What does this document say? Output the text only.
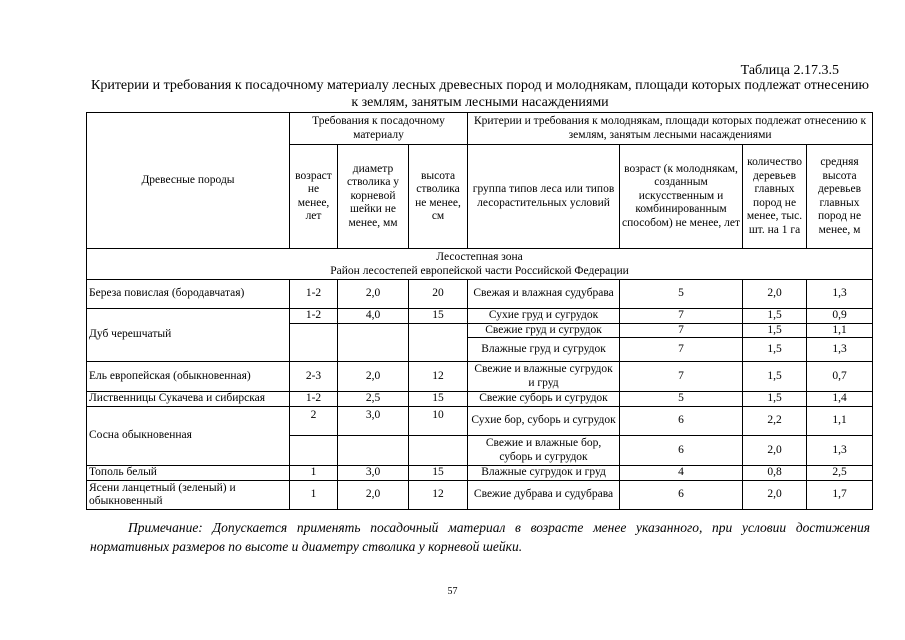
Таблица 2.17.3.5
Критерии и требования к посадочному материалу лесных древесных пород и молоднякам, площади которых подлежат отнесению к землям, занятым лесными насаждениями
Древесные породы	Требования к посадочному материалу			Критерии и требования к молоднякам, площади которых подлежат отнесению к землям, занятым лесными насаждениями			
	возраст не менее, лет	диаметр стволика у корневой шейки не менее, мм	высота стволика не менее, см	группа типов леса или типов лесорастительных условий	возраст (к молоднякам, созданным искусственным и комбинированным способом) не менее, лет	количество деревьев главных пород не менее, тыс. шт. на 1 га	средняя высота деревьев главных пород не менее, м

Лесостепная зона
Район лесостепей европейской части Российской Федерации							

Береза повислая (бородавчатая)	1-2	2,0	20	Свежая и влажная судубрава	5	2,0	1,3
Дуб черешчатый	1-2	4,0	15	Сухие груд и сугрудок	7	1,5	0,9
				Свежие груд и сугрудок	7	1,5	1,1
				Влажные груд и сугрудок	7	1,5	1,3
Ель европейская (обыкновенная)	2-3	2,0	12	Свежие и влажные сугрудок и груд	7	1,5	0,7
Лиственницы Сукачева и сибирская	1-2	2,5	15	Свежие суборь и сугрудок	5	1,5	1,4
Сосна обыкновенная	2	3,0	10	Сухие бор, суборь и сугрудок	6	2,2	1,1
				Свежие и влажные бор, суборь и сугрудок	6	2,0	1,3
Тополь белый	1	3,0	15	Влажные сугрудок и груд	4	0,8	2,5
Ясени ланцетный (зеленый) и обыкновенный	1	2,0	12	Свежие дубрава и судубрава	6	2,0	1,7
Примечание: Допускается применять посадочный материал в возрасте менее указанного, при условии достижения нормативных размеров по высоте и диаметру стволика у корневой шейки.
57
